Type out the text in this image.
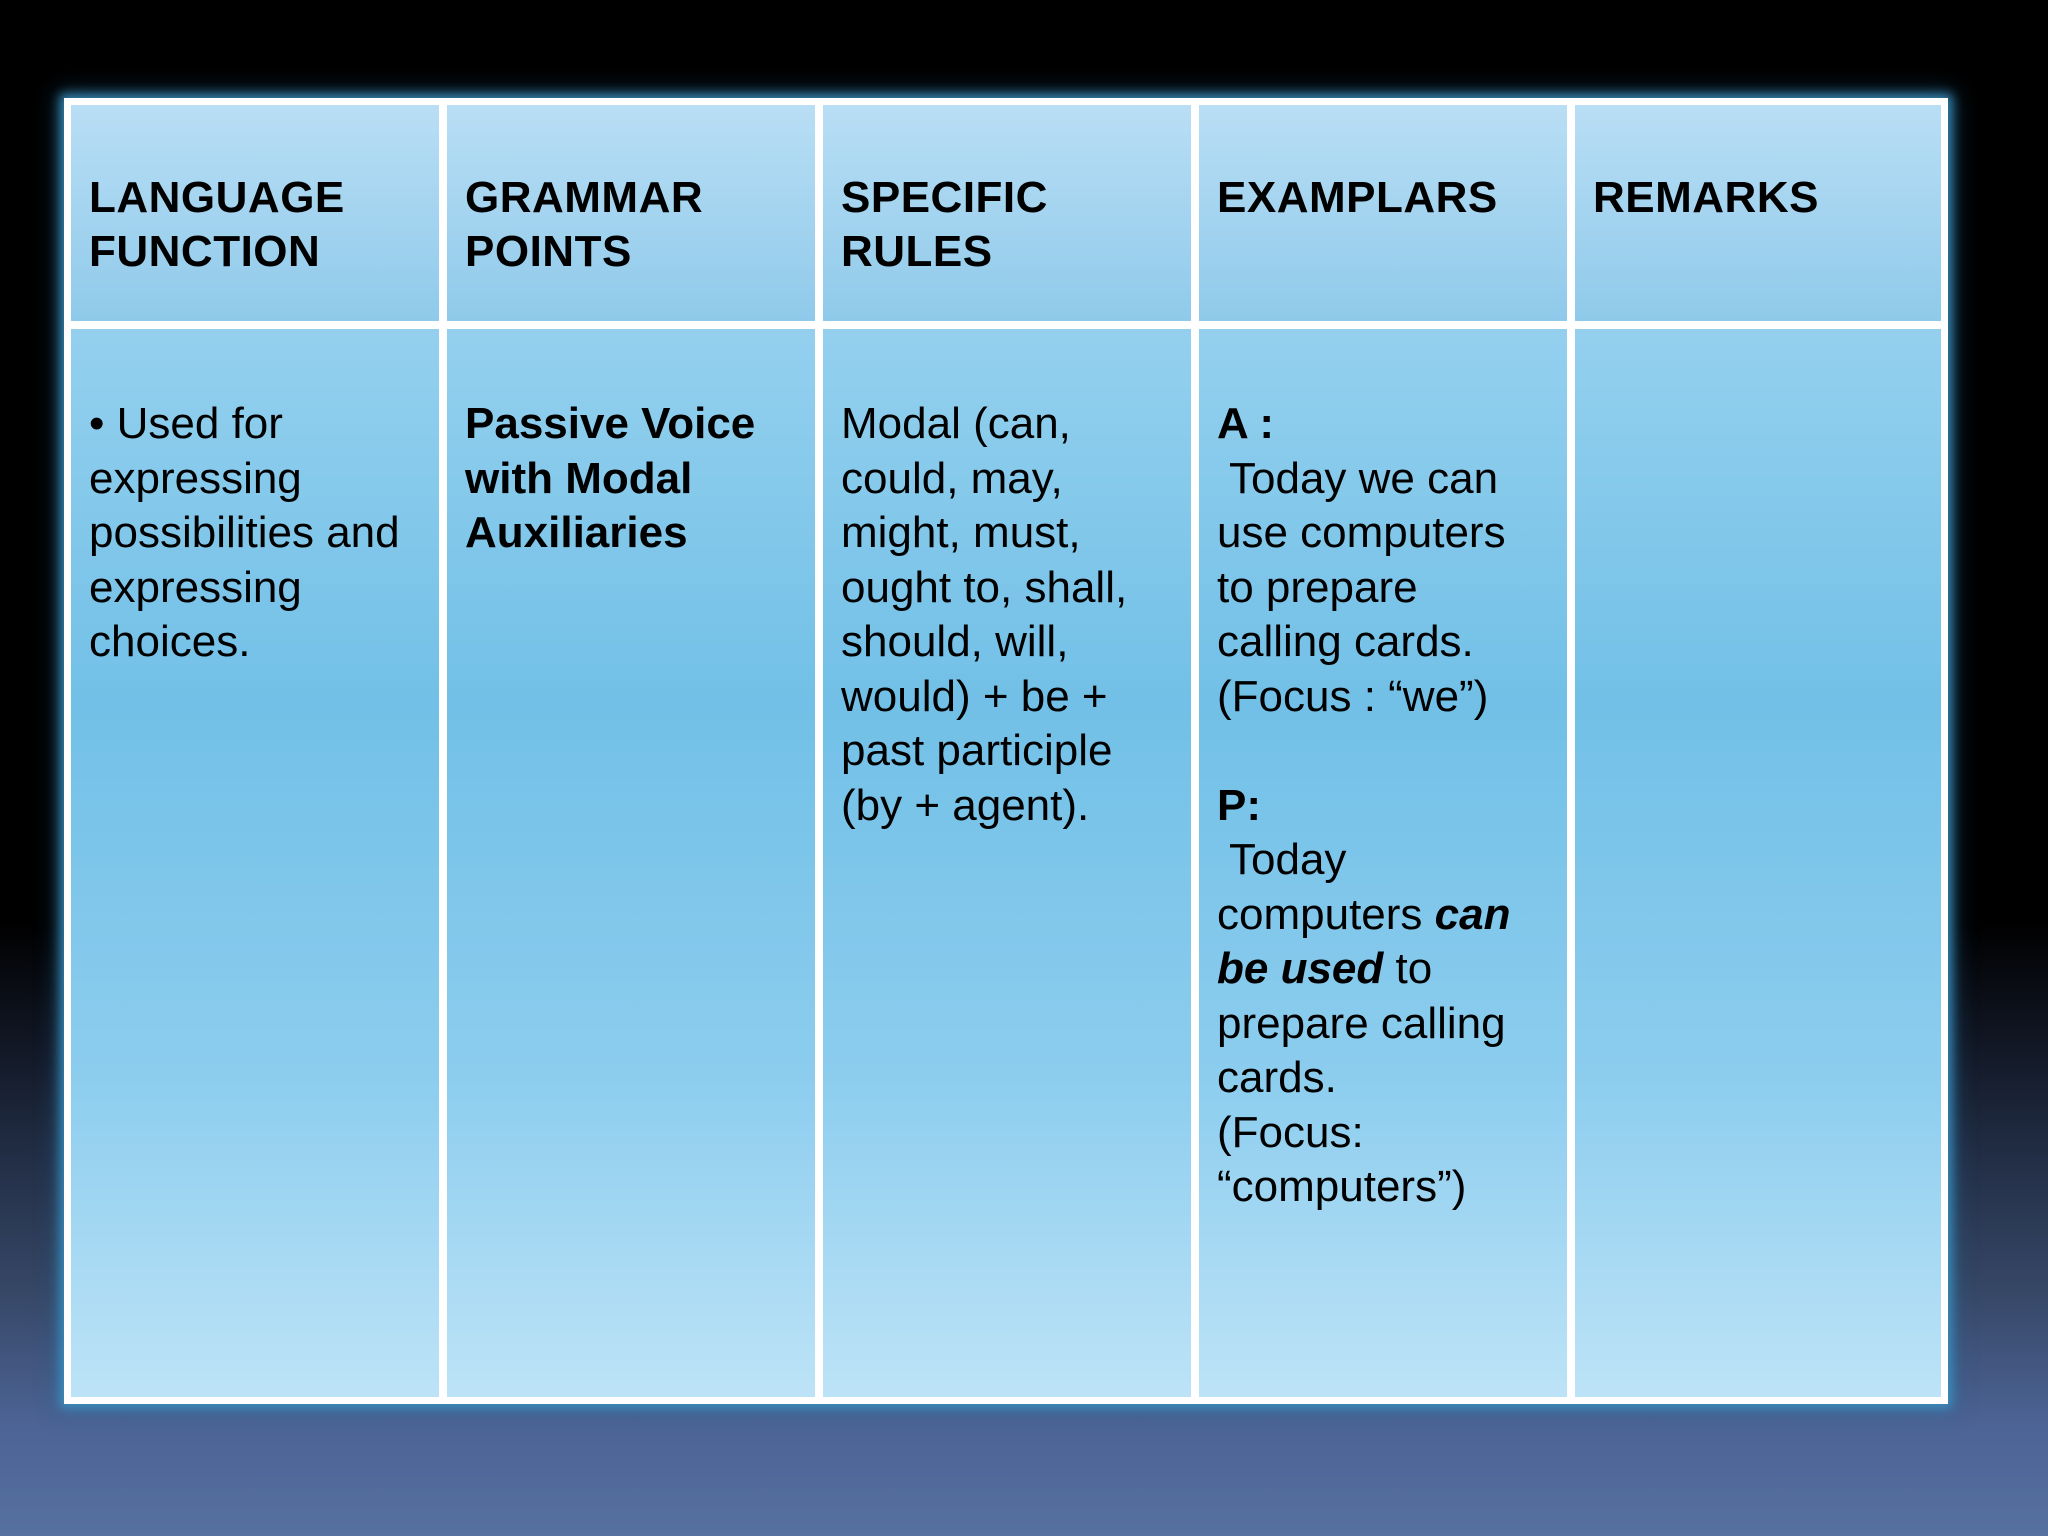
LANGUAGE FUNCTION
GRAMMAR POINTS
SPECIFIC RULES
EXAMPLARS	REMARKS
• Used for expressing possibilities and expressing choices.
Passive Voice with Modal Auxiliaries
Modal (can, could, may, might, must, ought to, shall, should, will, would) + be + past participle (by + agent).
A :
Today we can use computers to prepare calling cards.
(Focus : “we”)
P:
Today computers can be used to prepare calling cards.
(Focus: “computers”)
